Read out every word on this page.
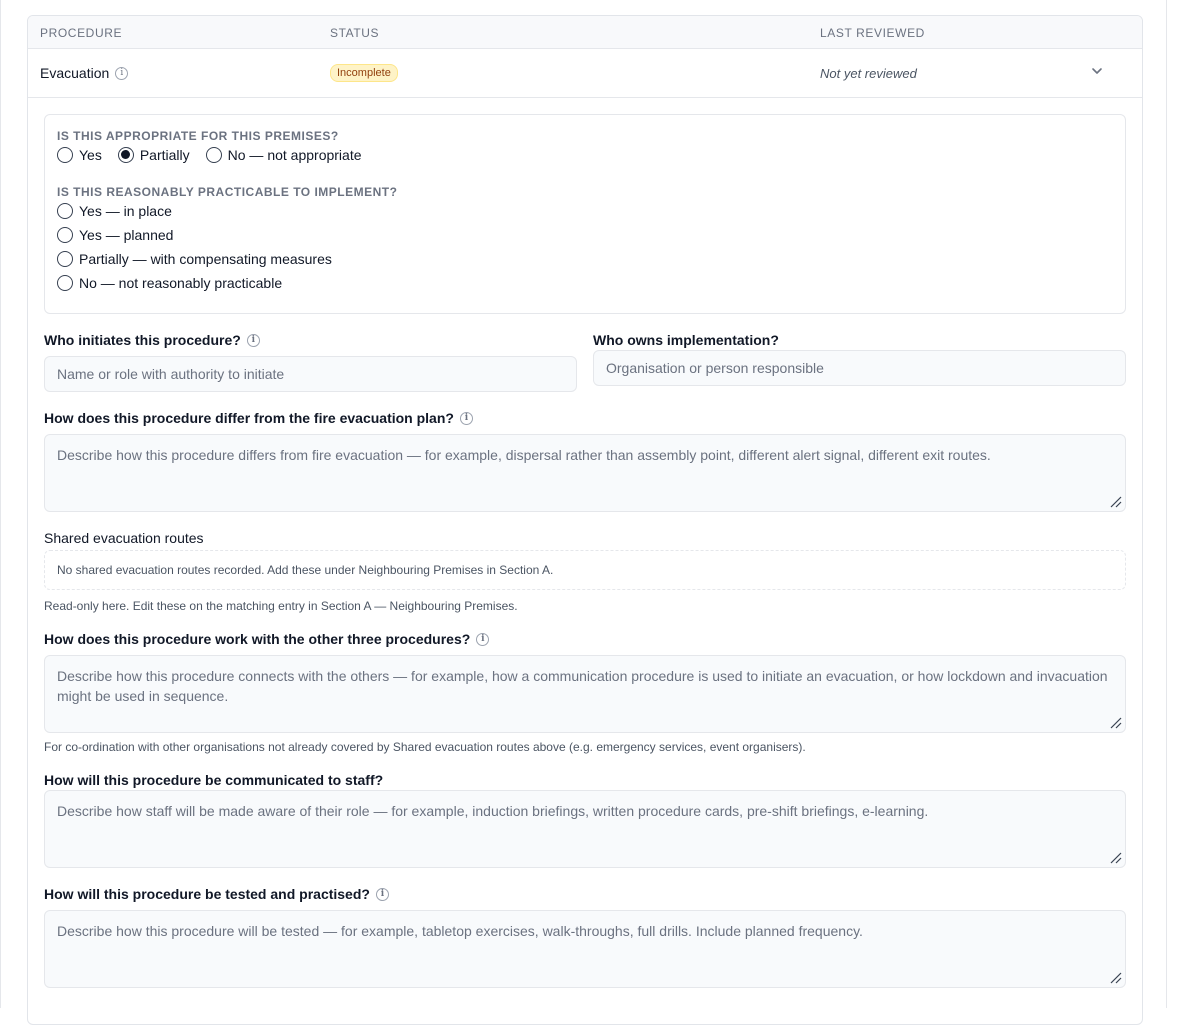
PROCEDURE	STATUS	LAST REVIEWED
Evacuation	i	Incomplete	Not yet reviewed
IS THIS APPROPRIATE FOR THIS PREMISES?
Yes	Partially	No — not appropriate
IS THIS REASONABLY PRACTICABLE TO IMPLEMENT?
Yes — in place
Yes — planned
Partially — with compensating measures
No — not reasonably practicable
Who initiates this procedure?	i
Name or role with authority to initiate
Who owns implementation?
Organisation or person responsible
How does this procedure differ from the fire evacuation plan?	i
Describe how this procedure differs from fire evacuation — for example, dispersal rather than assembly point, different alert signal, different exit routes.
Shared evacuation routes
No shared evacuation routes recorded. Add these under Neighbouring Premises in Section A.
Read-only here. Edit these on the matching entry in Section A — Neighbouring Premises.
How does this procedure work with the other three procedures?	i
Describe how this procedure connects with the others — for example, how a communication procedure is used to initiate an evacuation, or how lockdown and invacuation might be used in sequence.
For co-ordination with other organisations not already covered by Shared evacuation routes above (e.g. emergency services, event organisers).
How will this procedure be communicated to staff?
Describe how staff will be made aware of their role — for example, induction briefings, written procedure cards, pre-shift briefings, e-learning.
How will this procedure be tested and practised?	i
Describe how this procedure will be tested — for example, tabletop exercises, walk-throughs, full drills. Include planned frequency.
